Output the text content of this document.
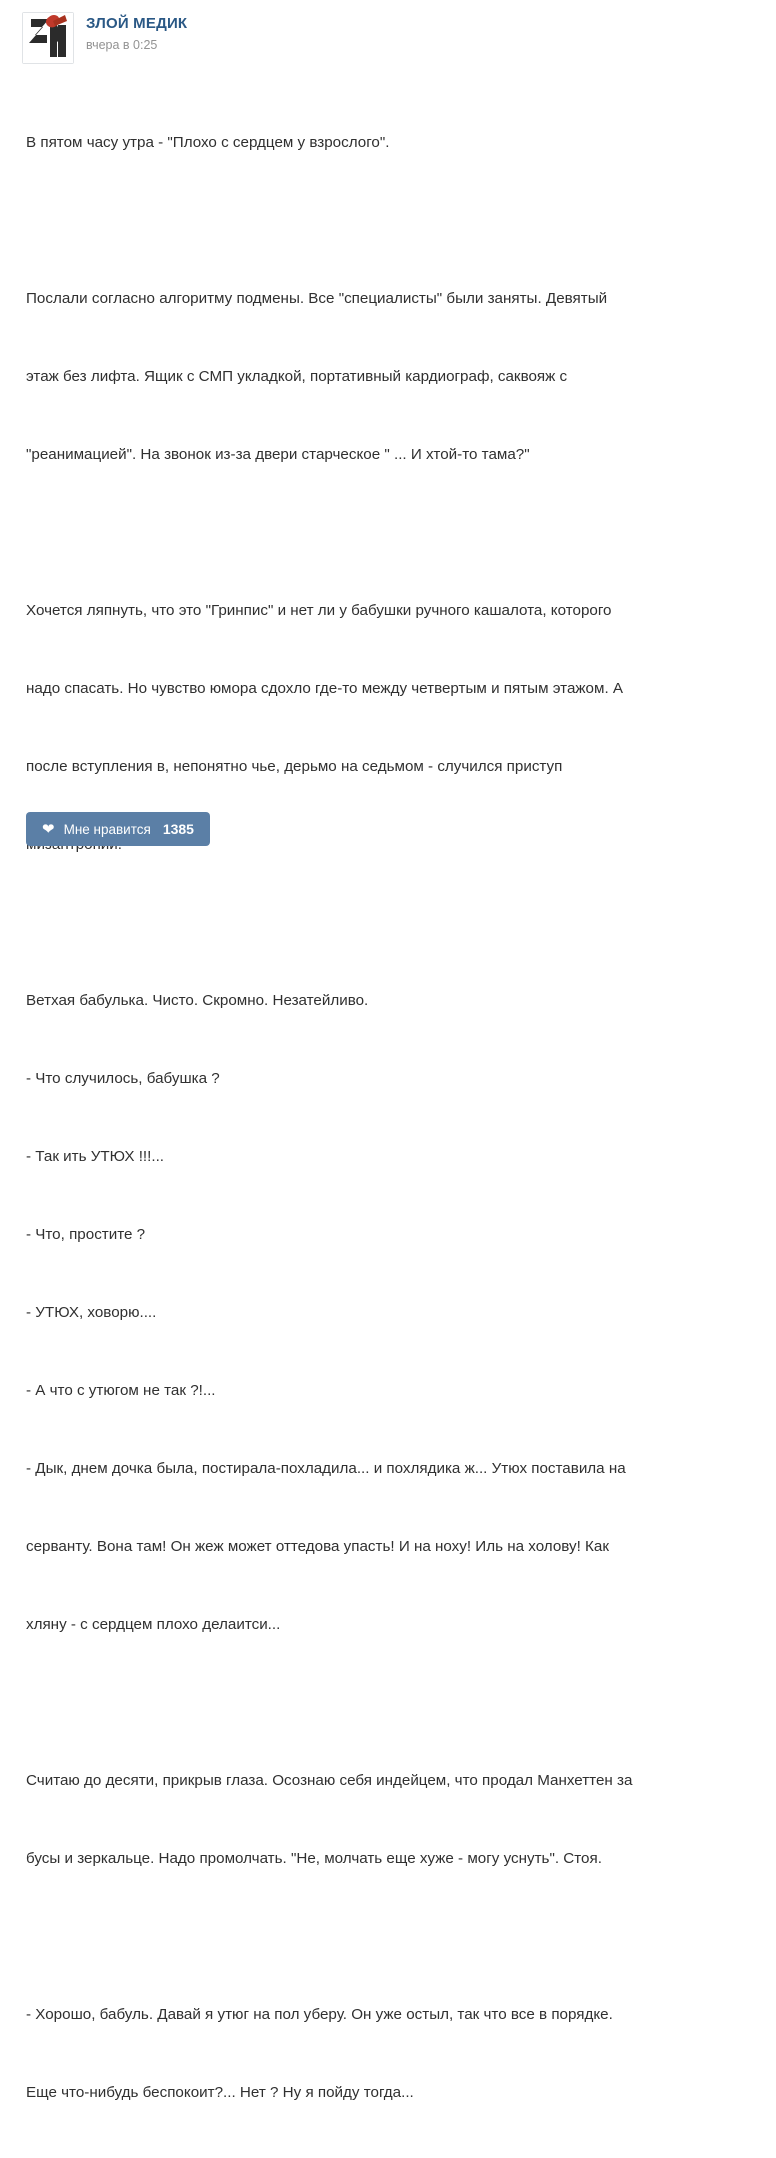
ЗЛОЙ МЕДИК
вчера в 0:25

В пятом часу утра - "Плохо с сердцем у взрослого".

Послали согласно алгоритму подмены. Все "специалисты" были заняты. Девятый

этаж без лифта. Ящик с СМП укладкой, портативный кардиограф, саквояж с

"реанимацией". На звонок из-за двери старческое " ... И хтой-то тама?"

Хочется ляпнуть, что это "Гринпис" и нет ли у бабушки ручного кашалота, которого

надо спасать. Но чувство юмора сдохло где-то между четвертым и пятым этажом. А

после вступления в, непонятно чье, дерьмо на седьмом - случился приступ

Ветхая бабулька. Чисто. Скромно. Незатейливо.

- Что случилось, бабушка ?

- Так ить УТЮХ !!!...

- Что, простите ?

- УТЮХ, ховорю....

- А что с утюгом не так ?!...

- Дык, днем дочка была, постирала-похладила... и похлядика ж... Утюх поставила на

серванту. Вона там! Он жеж может оттедова упасть! И на ноху! Иль на холову! Как

хляну - с сердцем плохо делаитси...

Считаю до десяти, прикрыв глаза. Осознаю себя индейцем, что продал Манхеттен за

бусы и зеркальце. Надо промолчать. "Не, молчать еще хуже - могу уснуть". Стоя.

- Хорошо, бабуль. Давай я утюг на пол уберу. Он уже остыл, так что все в порядке.

Еще что-нибудь беспокоит?... Нет ? Ну я пойду тогда...

❤ Мне нравится 1385
